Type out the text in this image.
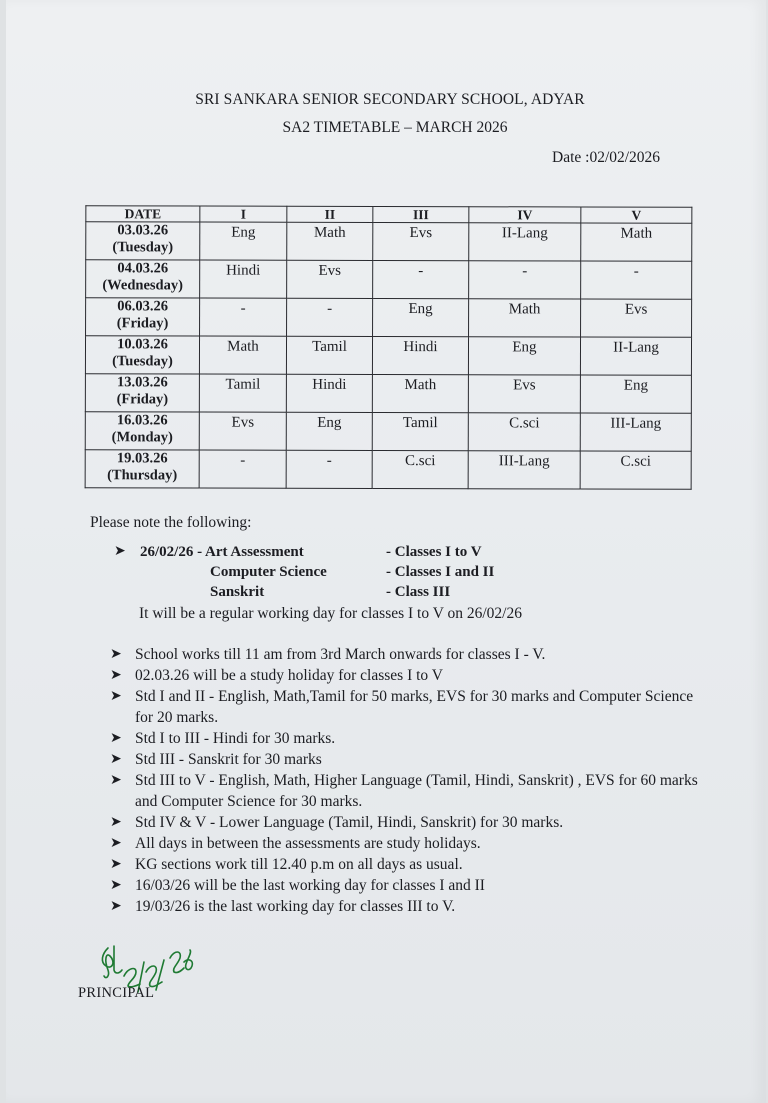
SRI SANKARA SENIOR SECONDARY SCHOOL, ADYAR
SA2 TIMETABLE – MARCH 2026
Date :02/02/2026
DATE	I	II	III	IV	V

03.03.26
(Tuesday)	Eng	Math	Evs	II-Lang	Math

04.03.26
(Wednesday)	Hindi	Evs	-	-	-

06.03.26
(Friday)	-	-	Eng	Math	Evs

10.03.26
(Tuesday)	Math	Tamil	Hindi	Eng	II-Lang

13.03.26
(Friday)	Tamil	Hindi	Math	Evs	Eng

16.03.26
(Monday)	Evs	Eng	Tamil	C.sci	III-Lang

19.03.26
(Thursday)	-	-	C.sci	III-Lang	C.sci
Please note the following:
➤ 26/02/26 - Art Assessment	- Classes I to V
Computer Science	- Classes I and II
Sanskrit	- Class III
It will be a regular working day for classes I to V on 26/02/26
➤ School works till 11 am from 3rd March onwards for classes I - V.
➤ 02.03.26 will be a study holiday for classes I to V
➤ Std I and II - English, Math,Tamil for 50 marks, EVS for 30 marks and Computer Science for 20 marks.
➤ Std I to III - Hindi for 30 marks.
➤ Std III - Sanskrit for 30 marks
➤ Std III to V - English, Math, Higher Language (Tamil, Hindi, Sanskrit) , EVS for 60 marks and Computer Science for 30 marks.
➤ Std IV & V - Lower Language (Tamil, Hindi, Sanskrit) for 30 marks.
➤ All days in between the assessments are study holidays.
➤ KG sections work till 12.40 p.m on all days as usual.
➤ 16/03/26 will be the last working day for classes I and II
➤ 19/03/26 is the last working day for classes III to V.
PRINCIPAL
